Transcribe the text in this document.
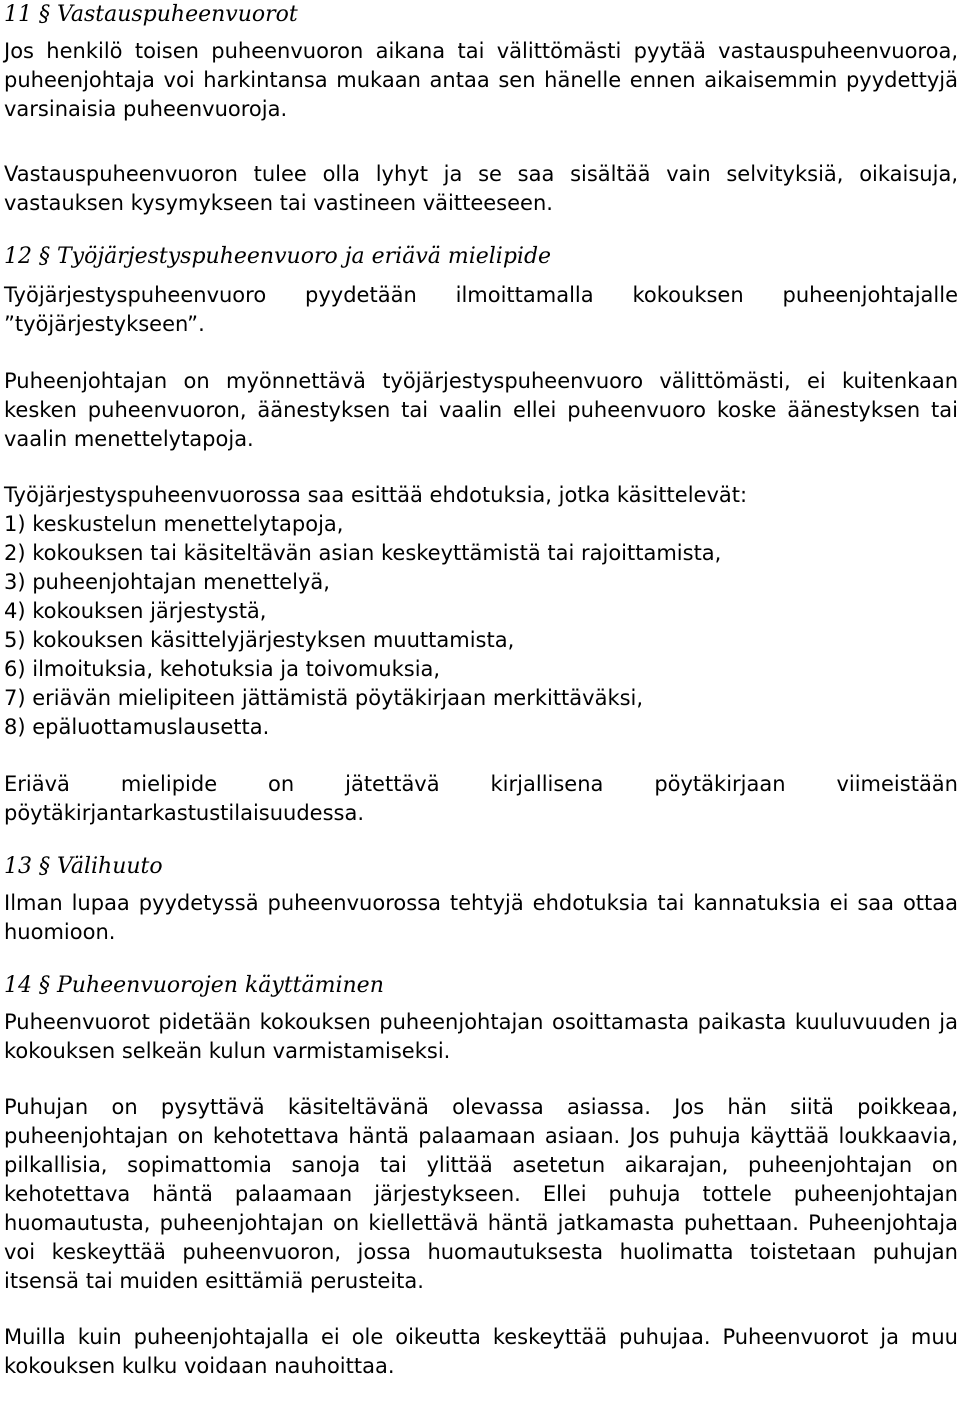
11 § Vastauspuheenvuorot

Jos henkilö toisen puheenvuoron aikana tai välittömästi pyytää vastauspuheenvuoroa, puheenjohtaja voi harkintansa mukaan antaa sen hänelle ennen aikaisemmin pyydettyjä varsinaisia puheenvuoroja.

Vastauspuheenvuoron tulee olla lyhyt ja se saa sisältää vain selvityksiä, oikaisuja, vastauksen kysymykseen tai vastineen väitteeseen.

12 § Työjärjestyspuheenvuoro ja eriävä mielipide

Työjärjestyspuheenvuoro pyydetään ilmoittamalla kokouksen puheenjohtajalle ”työjärjestykseen”.

Puheenjohtajan on myönnettävä työjärjestyspuheenvuoro välittömästi, ei kuitenkaan kesken puheenvuoron, äänestyksen tai vaalin ellei puheenvuoro koske äänestyksen tai vaalin menettelytapoja.

Työjärjestyspuheenvuorossa saa esittää ehdotuksia, jotka käsittelevät:
1) keskustelun menettelytapoja,
2) kokouksen tai käsiteltävän asian keskeyttämistä tai rajoittamista,
3) puheenjohtajan menettelyä,
4) kokouksen järjestystä,
5) kokouksen käsittelyjärjestyksen muuttamista,
6) ilmoituksia, kehotuksia ja toivomuksia,
7) eriävän mielipiteen jättämistä pöytäkirjaan merkittäväksi,
8) epäluottamuslausetta.

Eriävä mielipide on jätettävä kirjallisena pöytäkirjaan viimeistään pöytäkirjantarkastustilaisuudessa.

13 § Välihuuto

Ilman lupaa pyydetyssä puheenvuorossa tehtyjä ehdotuksia tai kannatuksia ei saa ottaa huomioon.

14 § Puheenvuorojen käyttäminen

Puheenvuorot pidetään kokouksen puheenjohtajan osoittamasta paikasta kuuluvuuden ja kokouksen selkeän kulun varmistamiseksi.

Puhujan on pysyttävä käsiteltävänä olevassa asiassa. Jos hän siitä poikkeaa, puheenjohtajan on kehotettava häntä palaamaan asiaan. Jos puhuja käyttää loukkaavia, pilkallisia, sopimattomia sanoja tai ylittää asetetun aikarajan, puheenjohtajan on kehotettava häntä palaamaan järjestykseen. Ellei puhuja tottele puheenjohtajan huomautusta, puheenjohtajan on kiellettävä häntä jatkamasta puhettaan. Puheenjohtaja voi keskeyttää puheenvuoron, jossa huomautuksesta huolimatta toistetaan puhujan itsensä tai muiden esittämiä perusteita.

Muilla kuin puheenjohtajalla ei ole oikeutta keskeyttää puhujaa. Puheenvuorot ja muu kokouksen kulku voidaan nauhoittaa.
